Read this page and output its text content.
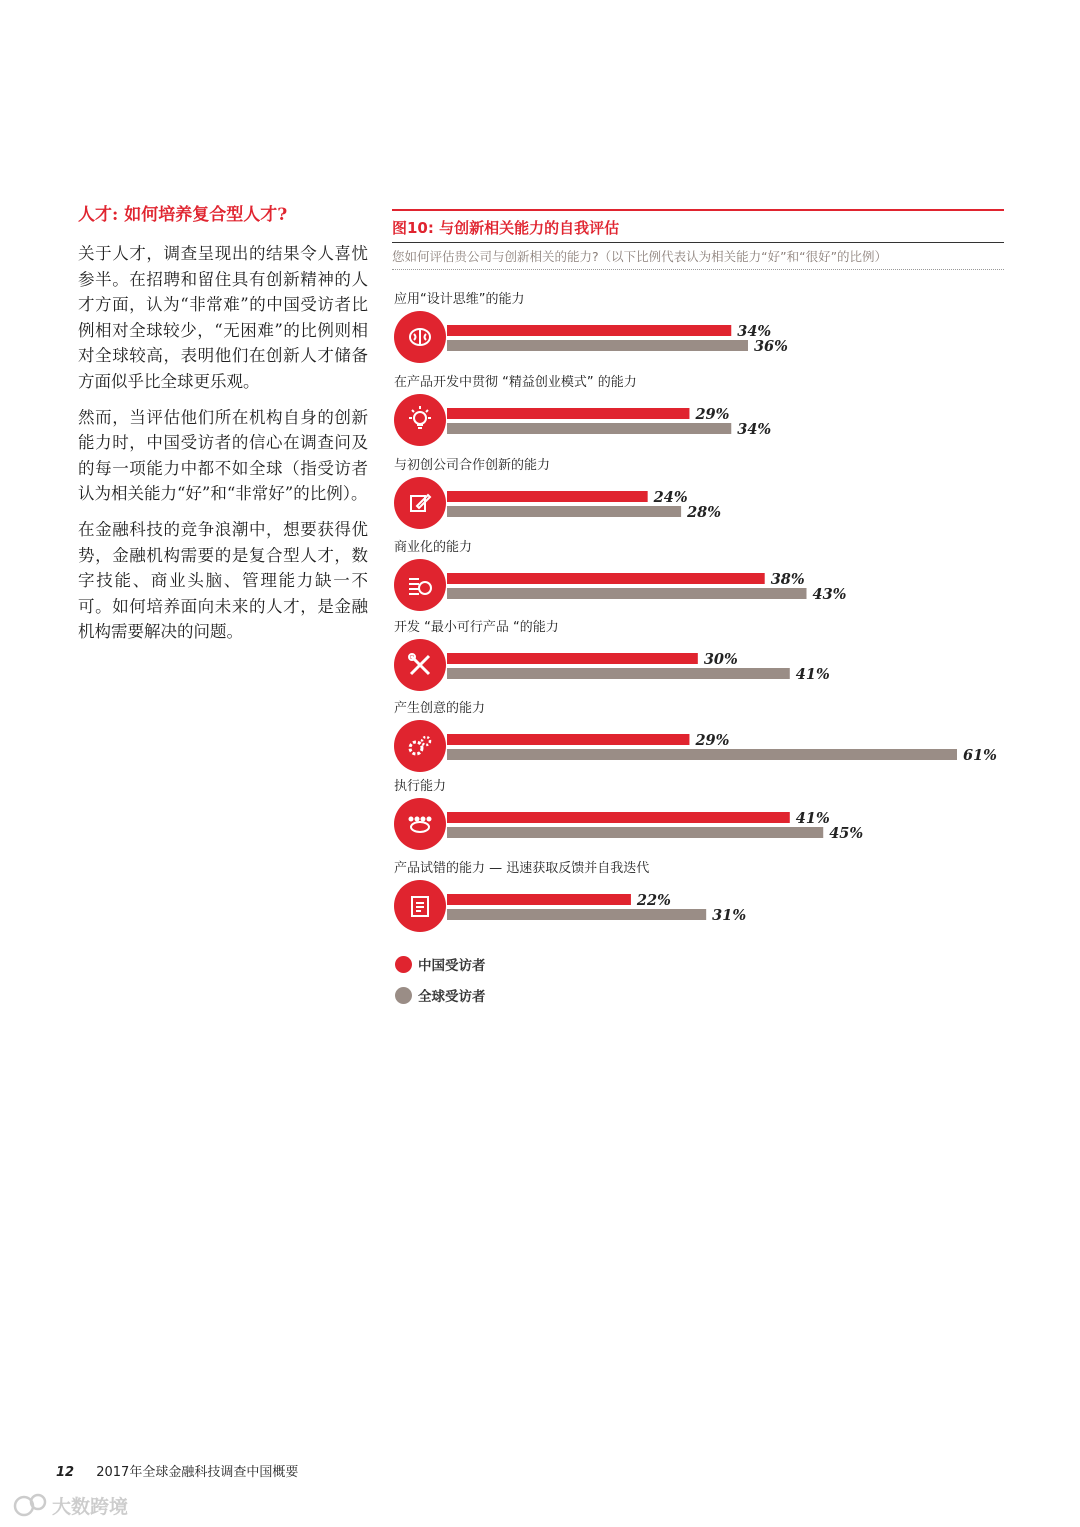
人才: 如何培养复合型人才?

关于人才，调查呈现出的结果令人喜忧参半。在招聘和留住具有创新精神的人才方面，认为“非常难”的中国受访者比例相对全球较少，“无困难”的比例则相对全球较高，表明他们在创新人才储备方面似乎比全球更乐观。

然而，当评估他们所在机构自身的创新能力时，中国受访者的信心在调查问及的每一项能力中都不如全球（指受访者认为相关能力“好”和“非常好”的比例）。

在金融科技的竞争浪潮中，想要获得优势，金融机构需要的是复合型人才，数字技能、商业头脑、管理能力缺一不可。如何培养面向未来的人才，是金融机构需要解决的问题。

图10: 与创新相关能力的自我评估
您如何评估贵公司与创新相关的能力?（以下比例代表认为相关能力“好”和“很好”的比例）
应用“设计思维”的能力
34%
36%
在产品开发中贯彻 “精益创业模式” 的能力
29%
34%
与初创公司合作创新的能力
24%
28%
商业化的能力
38%
43%
开发 “最小可行产品 “的能力
30%
41%
产生创意的能力
29%
61%
执行能力
41%
45%
产品试错的能力 — 迅速获取反馈并自我迭代
22%
31%
中国受访者
全球受访者
12 2017年全球金融科技调查中国概要
大数跨境
